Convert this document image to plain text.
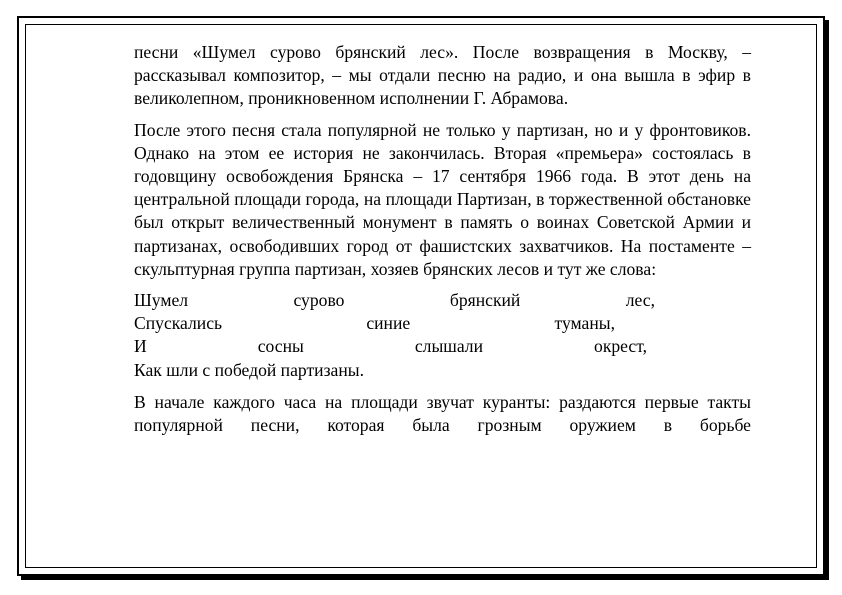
песни «Шумел сурово брянский лес». После возвращения в Москву, – рассказывал композитор, – мы отдали песню на радио, и она вышла в эфир в великолепном, проникновенном исполнении Г. Абрамова.

После этого песня стала популярной не только у партизан, но и у фронтовиков. Однако на этом ее история не закончилась. Вторая «премьера» состоялась в годовщину освобождения Брянска – 17 сентября 1966 года. В этот день на центральной площади города, на площади Партизан, в торжественной обстановке был открыт величественный монумент в память о воинах Советской Армии и партизанах, освободивших город от фашистских захватчиков. На постаменте – скульптурная группа партизан, хозяев брянских лесов и тут же слова:

Шумел	сурово	брянский	лес,
Спускались	синие	туманы,
И	сосны	слышали	окрест,
Как шли с победой партизаны.

В начале каждого часа на площади звучат куранты: раздаются первые такты популярной песни, которая была грозным оружием в борьбе
